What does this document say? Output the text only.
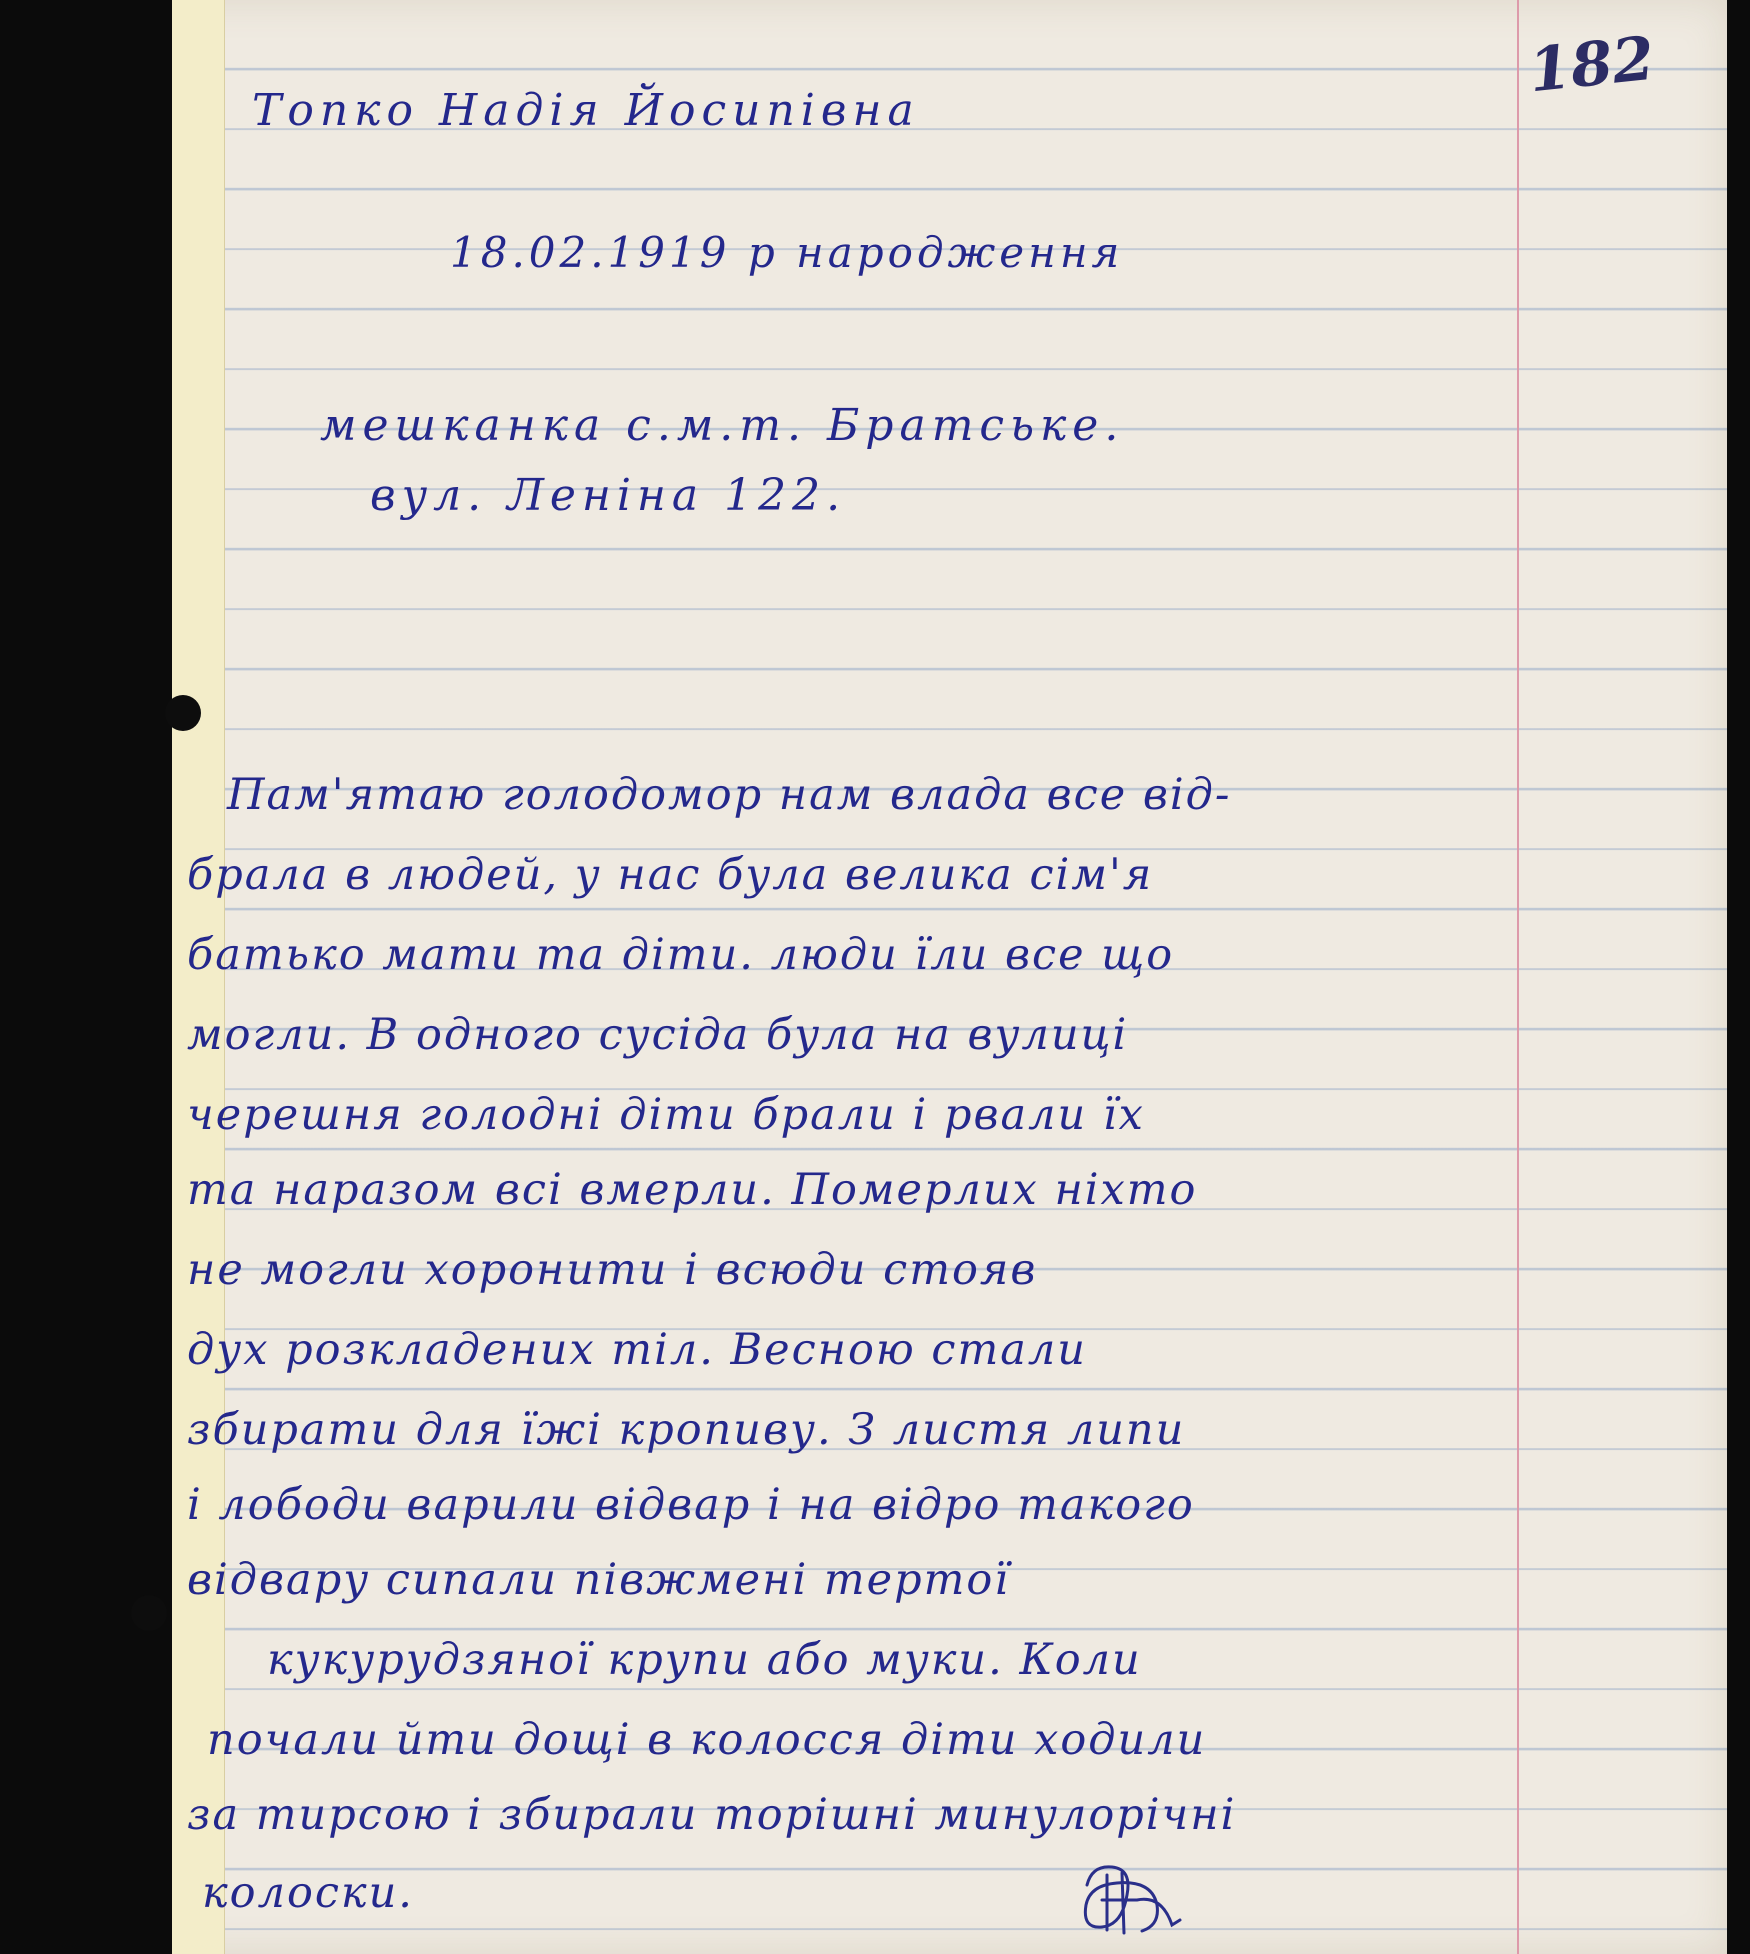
182
Топко Надія Йосипівна
18.02.1919 р народження
мешканка с.м.т. Братське.
вул. Леніна 122.
Пам'ятаю голодомор нам влада все від-
брала в людей, у нас була велика сім'я
батько мати та діти. люди їли все що
могли. В одного сусіда була на вулиці
черешня голодні діти брали і рвали їх
та наразом всі вмерли. Померлих ніхто
не могли хоронити і всюди стояв
дух розкладених тіл. Весною стали
збирати для їжі кропиву. З листя липи
і лободи варили відвар і на відро такого
відвару сипали півжмені тертої
кукурудзяної крупи або муки. Коли
почали йти дощі в колосся діти ходили
за тирсою і збирали торішні минулорічні
колоски.
